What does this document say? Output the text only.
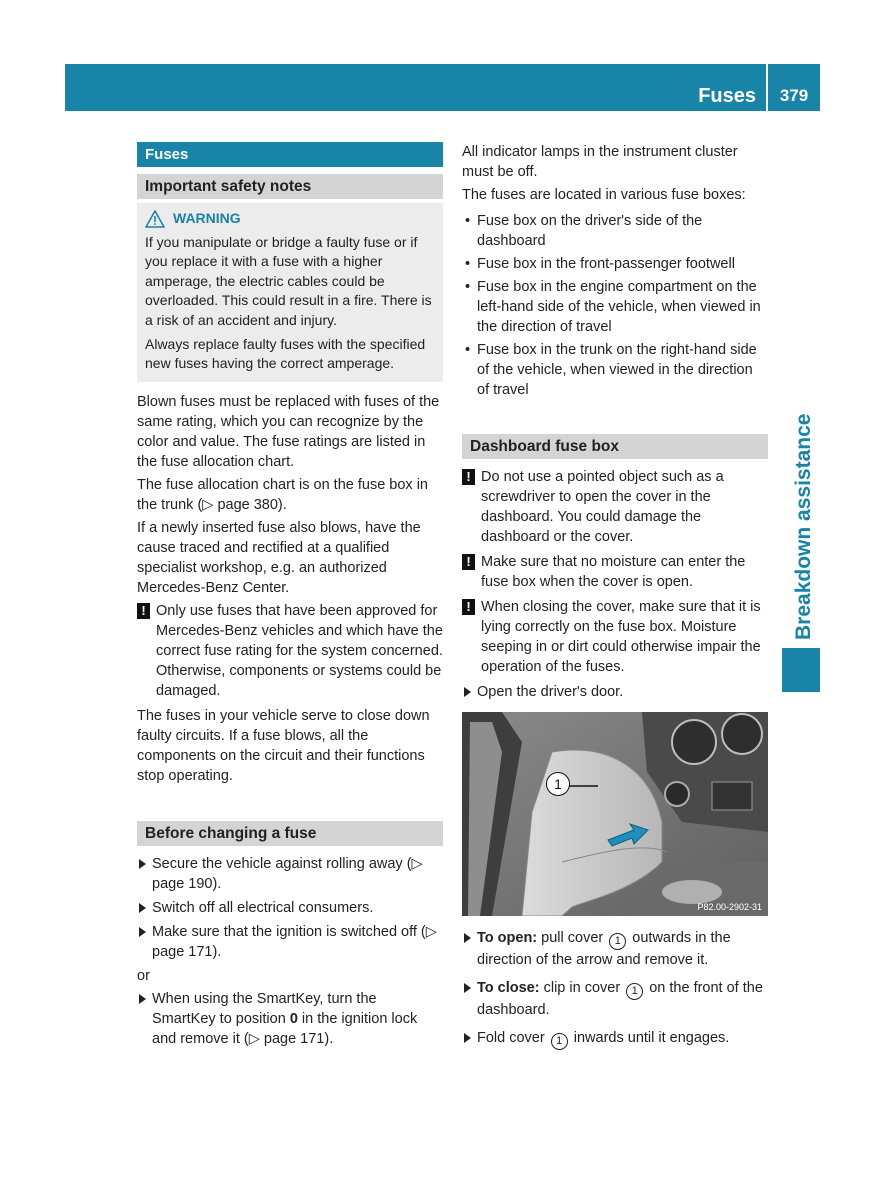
Fuses	379
Breakdown assistance
Fuses
Important safety notes
WARNING

If you manipulate or bridge a faulty fuse or if you replace it with a fuse with a higher amperage, the electric cables could be overloaded. This could result in a fire. There is a risk of an accident and injury.

Always replace faulty fuses with the specified new fuses having the correct amperage.

Blown fuses must be replaced with fuses of the same rating, which you can recognize by the color and value. The fuse ratings are listed in the fuse allocation chart.

The fuse allocation chart is on the fuse box in the trunk (▷ page 380).

If a newly inserted fuse also blows, have the cause traced and rectified at a qualified specialist workshop, e.g. an authorized Mercedes-Benz Center.

! Only use fuses that have been approved for Mercedes-Benz vehicles and which have the correct fuse rating for the system concerned. Otherwise, components or systems could be damaged.

The fuses in your vehicle serve to close down faulty circuits. If a fuse blows, all the components on the circuit and their functions stop operating.

Before changing a fuse
Secure the vehicle against rolling away (▷ page 190).
Switch off all electrical consumers.
Make sure that the ignition is switched off (▷ page 171).

or

When using the SmartKey, turn the SmartKey to position 0 in the ignition lock and remove it (▷ page 171).

All indicator lamps in the instrument cluster must be off.

The fuses are located in various fuse boxes:

• Fuse box on the driver's side of the dashboard
• Fuse box in the front-passenger footwell
• Fuse box in the engine compartment on the left-hand side of the vehicle, when viewed in the direction of travel
• Fuse box in the trunk on the right-hand side of the vehicle, when viewed in the direction of travel
Dashboard fuse box
! Do not use a pointed object such as a screwdriver to open the cover in the dashboard. You could damage the dashboard or the cover.
! Make sure that no moisture can enter the fuse box when the cover is open.
! When closing the cover, make sure that it is lying correctly on the fuse box. Moisture seeping in or dirt could otherwise impair the operation of the fuses.
Open the driver's door.
1
P82.00-2902-31
To open: pull cover 1 outwards in the direction of the arrow and remove it.
To close: clip in cover 1 on the front of the dashboard.
Fold cover 1 inwards until it engages.
